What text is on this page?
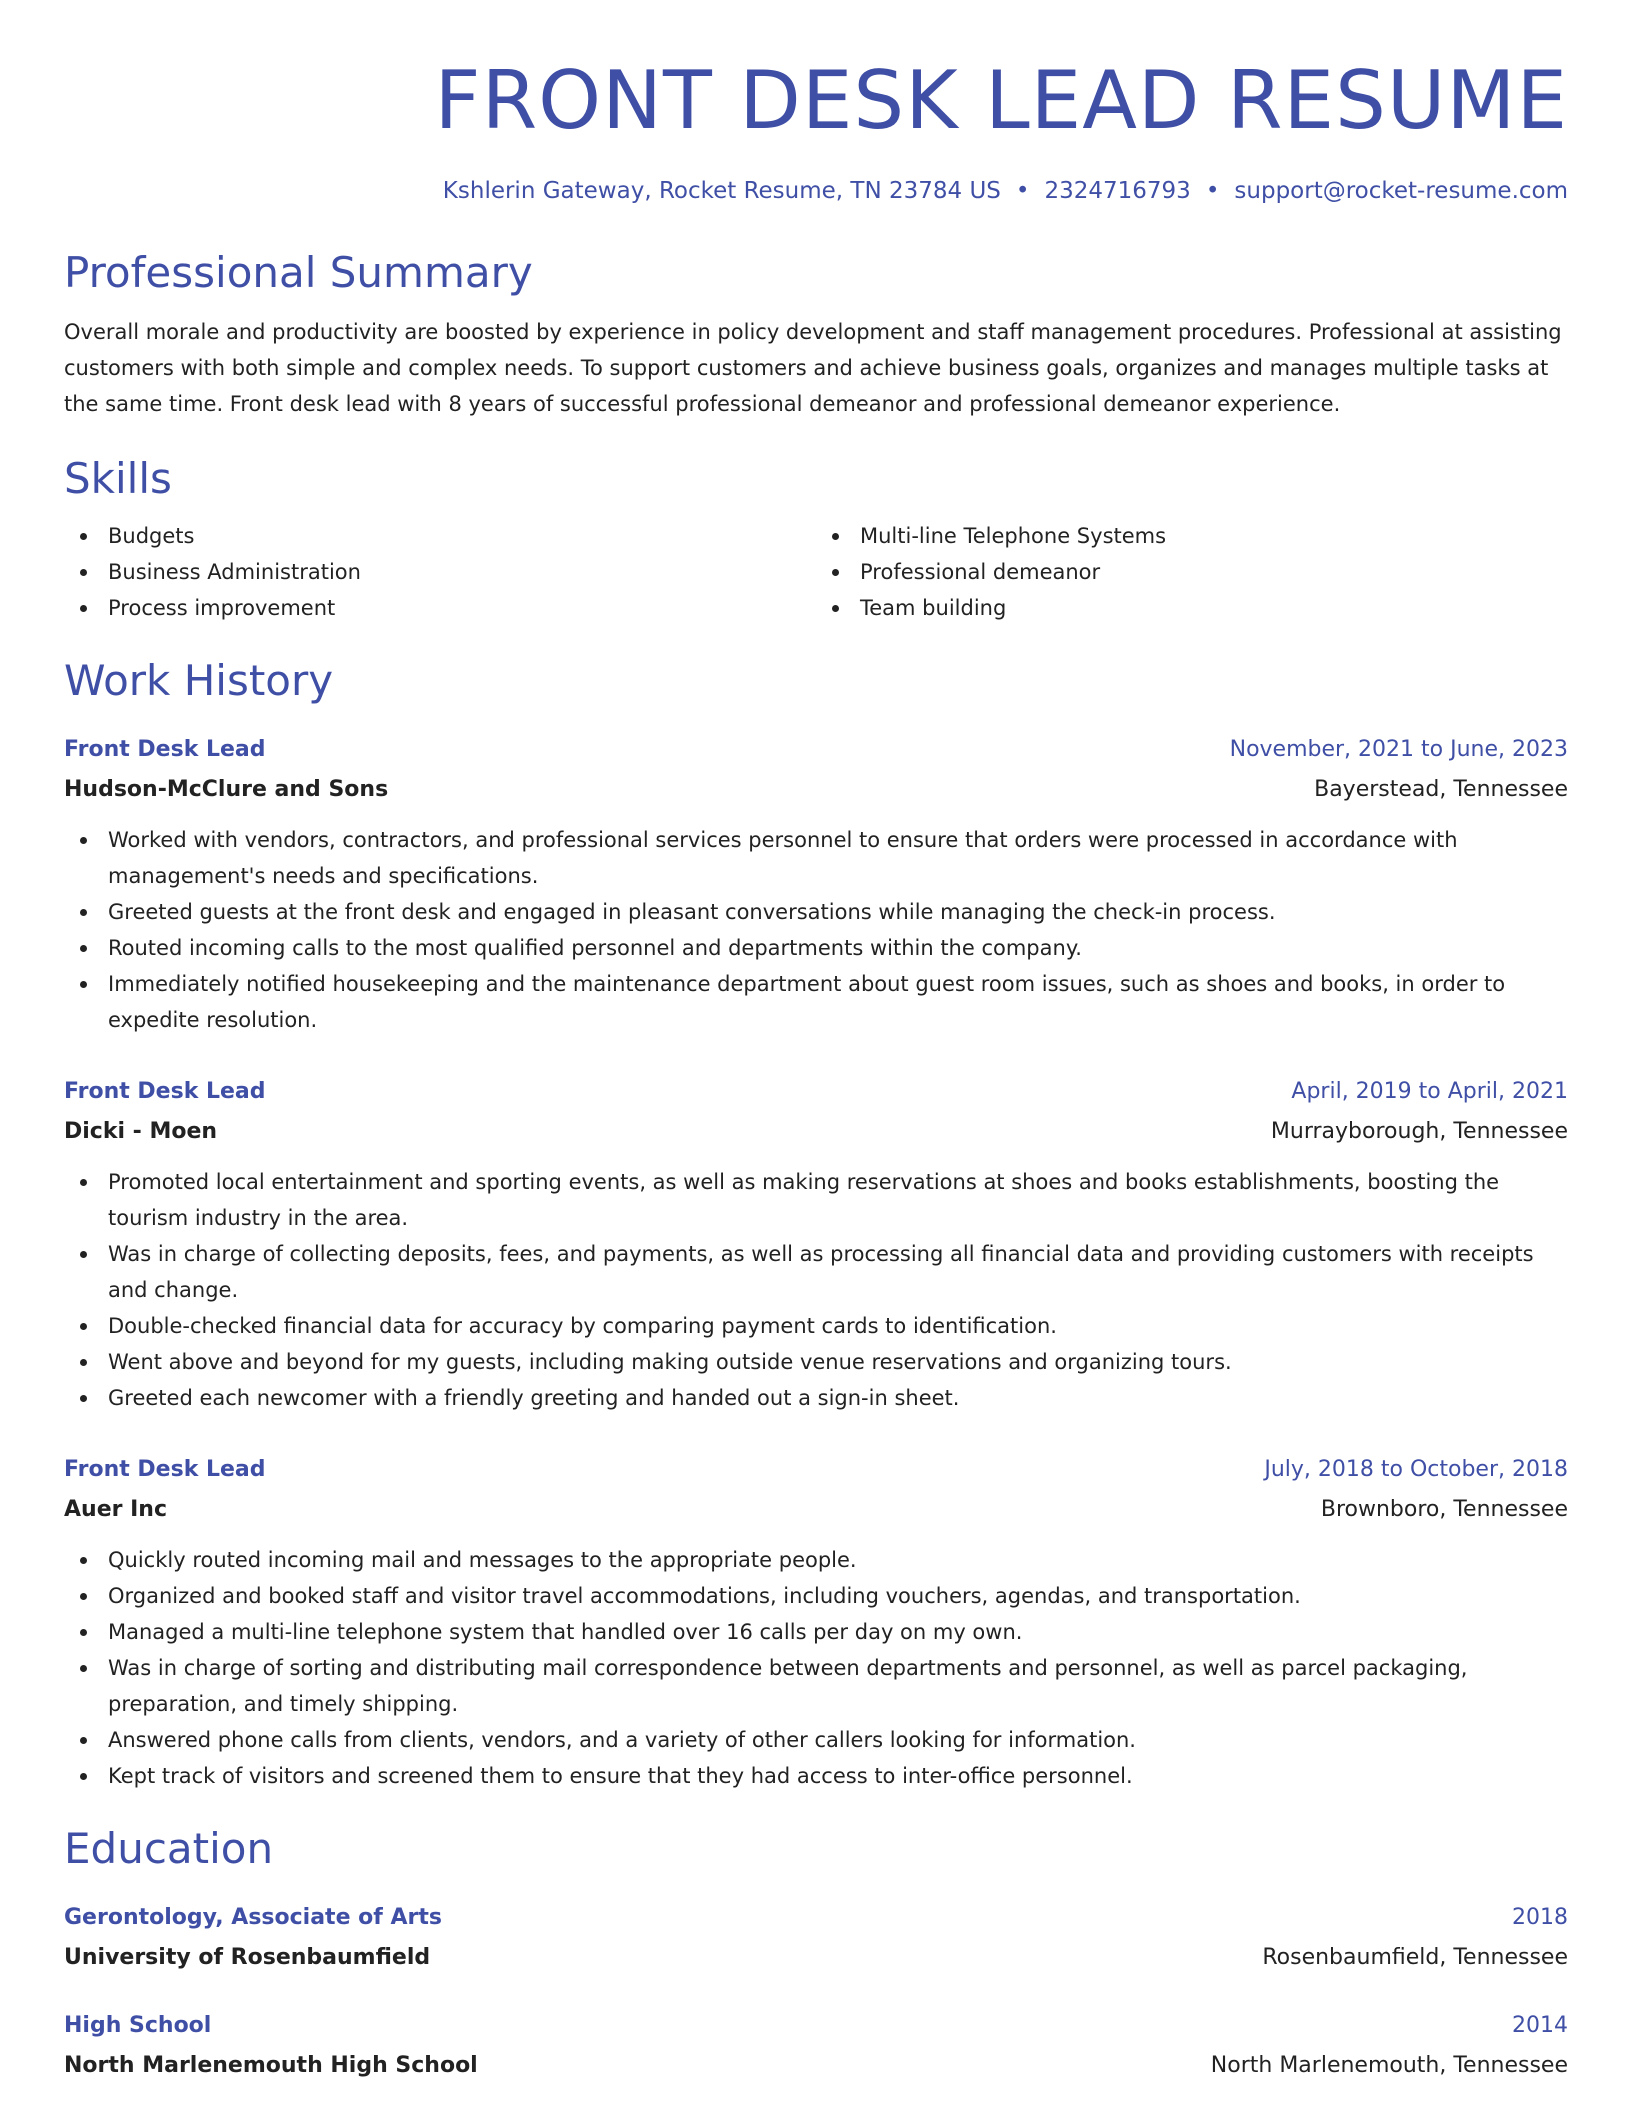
FRONT DESK LEAD RESUME
Kshlerin Gateway, Rocket Resume, TN 23784 US • 2324716793 • support@rocket-resume.com
Professional Summary

Overall morale and productivity are boosted by experience in policy development and staff management procedures. Professional at assisting customers with both simple and complex needs. To support customers and achieve business goals, organizes and manages multiple tasks at the same time. Front desk lead with 8 years of successful professional demeanor and professional demeanor experience.

Skills
Budgets
Business Administration
Process improvement
Multi-line Telephone Systems
Professional demeanor
Team building
Work History
Front Desk Lead	November, 2021 to June, 2023
Hudson-McClure and Sons	Bayerstead, Tennessee
Worked with vendors, contractors, and professional services personnel to ensure that orders were processed in accordance with management's needs and specifications.
Greeted guests at the front desk and engaged in pleasant conversations while managing the check-in process.
Routed incoming calls to the most qualified personnel and departments within the company.
Immediately notified housekeeping and the maintenance department about guest room issues, such as shoes and books, in order to expedite resolution.
Front Desk Lead	April, 2019 to April, 2021
Dicki - Moen	Murrayborough, Tennessee
Promoted local entertainment and sporting events, as well as making reservations at shoes and books establishments, boosting the tourism industry in the area.
Was in charge of collecting deposits, fees, and payments, as well as processing all financial data and providing customers with receipts and change.
Double-checked financial data for accuracy by comparing payment cards to identification.
Went above and beyond for my guests, including making outside venue reservations and organizing tours.
Greeted each newcomer with a friendly greeting and handed out a sign-in sheet.
Front Desk Lead	July, 2018 to October, 2018
Auer Inc	Brownboro, Tennessee
Quickly routed incoming mail and messages to the appropriate people.
Organized and booked staff and visitor travel accommodations, including vouchers, agendas, and transportation.
Managed a multi-line telephone system that handled over 16 calls per day on my own.
Was in charge of sorting and distributing mail correspondence between departments and personnel, as well as parcel packaging, preparation, and timely shipping.
Answered phone calls from clients, vendors, and a variety of other callers looking for information.
Kept track of visitors and screened them to ensure that they had access to inter-office personnel.
Education
Gerontology, Associate of Arts	2018
University of Rosenbaumfield	Rosenbaumfield, Tennessee
High School	2014
North Marlenemouth High School	North Marlenemouth, Tennessee
